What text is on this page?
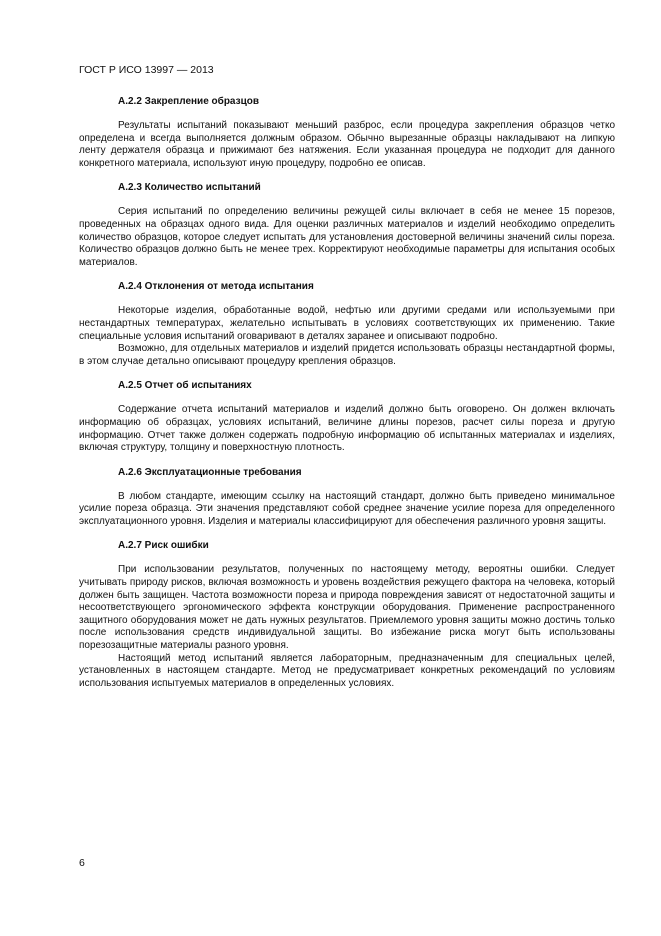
ГОСТ Р ИСО 13997 — 2013

А.2.2 Закрепление образцов

Результаты испытаний показывают меньший разброс, если процедура закрепления образцов четко определена и всегда выполняется должным образом. Обычно вырезанные образцы накладывают на липкую ленту держателя образца и прижимают без натяжения. Если указанная процедура не подходит для данного конкретного материала, используют иную процедуру, подробно ее описав.

А.2.3 Количество испытаний

Серия испытаний по определению величины режущей силы включает в себя не менее 15 порезов, проведенных на образцах одного вида. Для оценки различных материалов и изделий необходимо определить количество образцов, которое следует испытать для установления достоверной величины значений силы пореза. Количество образцов должно быть не менее трех. Корректируют необходимые параметры для испытания особых материалов.

А.2.4 Отклонения от метода испытания

Некоторые изделия, обработанные водой, нефтью или другими средами или используемыми при нестандартных температурах, желательно испытывать в условиях соответствующих их применению. Такие специальные условия испытаний оговаривают в деталях заранее и описывают подробно.

Возможно, для отдельных материалов и изделий придется использовать образцы нестандартной формы, в этом случае детально описывают процедуру крепления образцов.

А.2.5 Отчет об испытаниях

Содержание отчета испытаний материалов и изделий должно быть оговорено. Он должен включать информацию об образцах, условиях испытаний, величине длины порезов, расчет силы пореза и другую информацию. Отчет также должен содержать подробную информацию об испытанных материалах и изделиях, включая структуру, толщину и поверхностную плотность.

А.2.6 Эксплуатационные требования

В любом стандарте, имеющим ссылку на настоящий стандарт, должно быть приведено минимальное усилие пореза образца. Эти значения представляют собой среднее значение усилие пореза для определенного эксплуатационного уровня. Изделия и материалы классифицируют для обеспечения различного уровня защиты.

А.2.7 Риск ошибки

При использовании результатов, полученных по настоящему методу, вероятны ошибки. Следует учитывать природу рисков, включая возможность и уровень воздействия режущего фактора на человека, который должен быть защищен. Частота возможности пореза и природа повреждения зависят от недостаточной защиты и несоответствующего эргономического эффекта конструкции оборудования. Применение распространенного защитного оборудования может не дать нужных результатов. Приемлемого уровня защиты можно достичь только после использования средств индивидуальной защиты. Во избежание риска могут быть использованы порезозащитные материалы разного уровня.

Настоящий метод испытаний является лабораторным, предназначенным для специальных целей, установленных в настоящем стандарте. Метод не предусматривает конкретных рекомендаций по условиям использования испытуемых материалов в определенных условиях.

6
